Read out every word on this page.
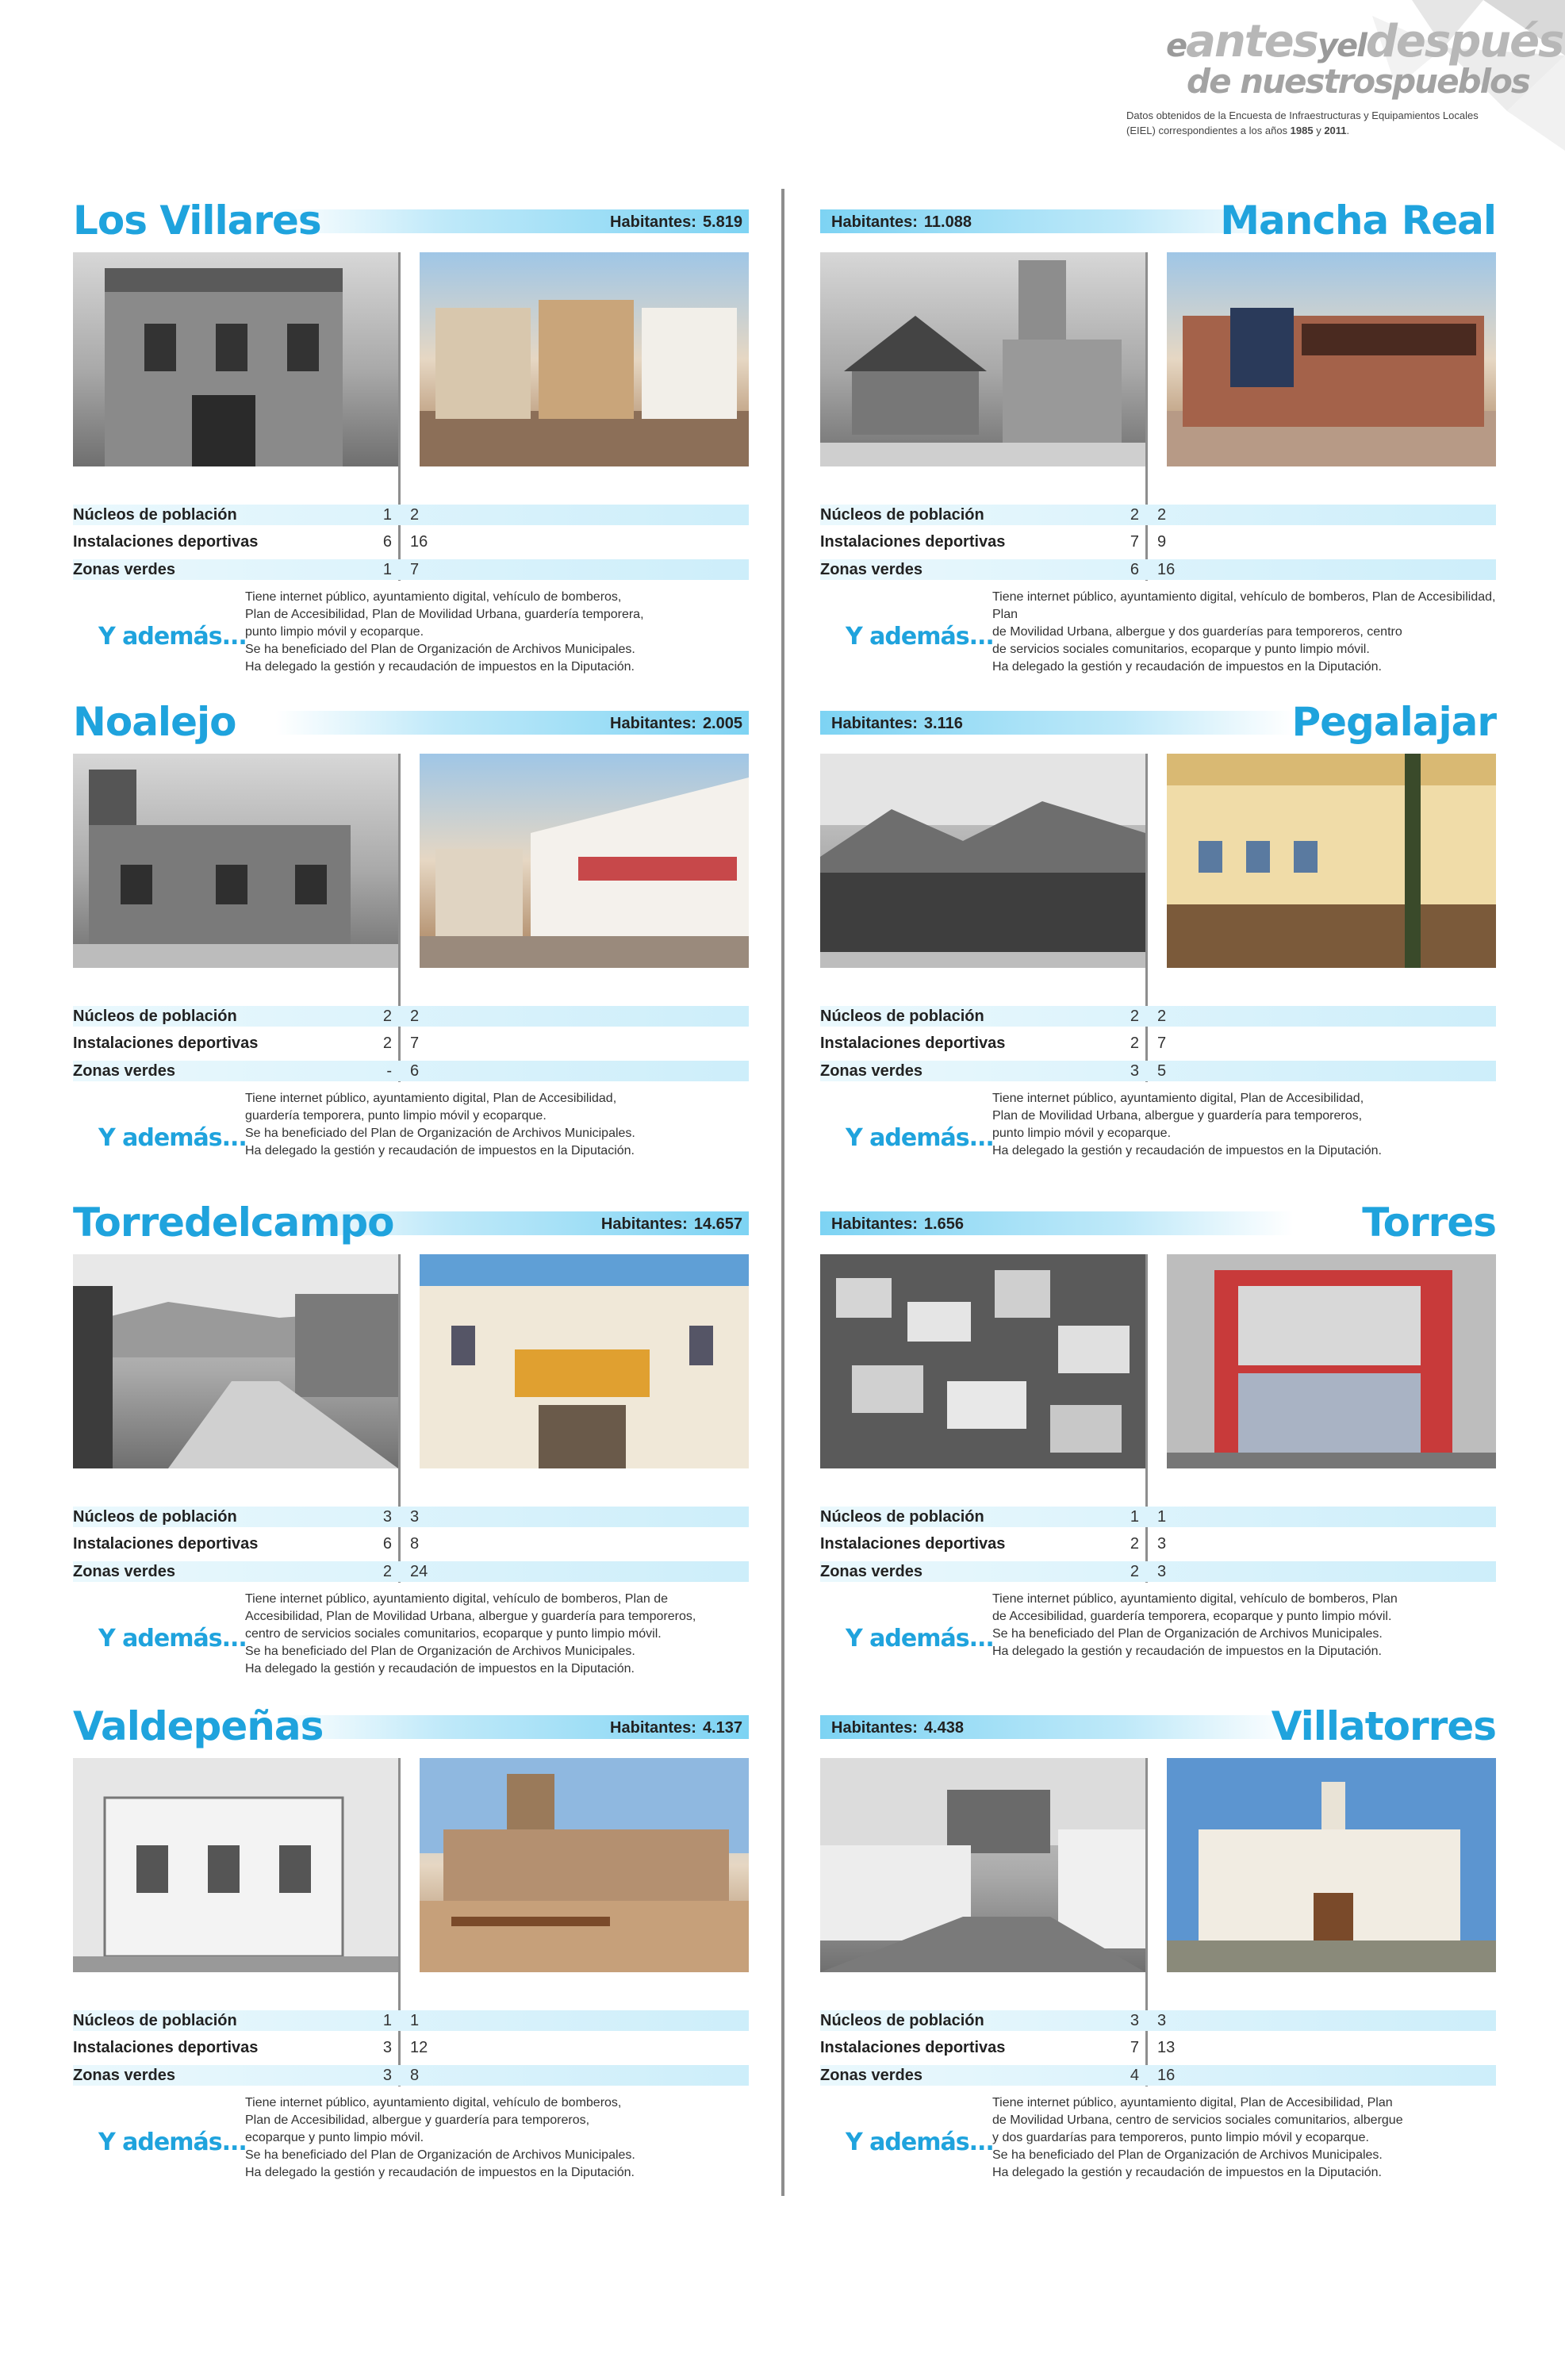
eantesyeldespués
de nuestrospueblos
Datos obtenidos de la Encuesta de Infraestructuras y Equipamientos Locales (EIEL) correspondientes a los años 1985 y 2011.
Los Villares	Habitantes: 5.819
Núcleos de población	1 2
Instalaciones deportivas	6 16
Zonas verdes	1 7
Y además...
Tiene internet público, ayuntamiento digital, vehículo de bomberos,
Plan de Accesibilidad, Plan de Movilidad Urbana, guardería temporera,
punto limpio móvil y ecoparque.
Se ha beneficiado del Plan de Organización de Archivos Municipales.
Ha delegado la gestión y recaudación de impuestos en la Diputación.
Mancha Real
Habitantes: 11.088
Núcleos de población	2 2
Instalaciones deportivas	7 9
Zonas verdes	6 16
Y además...
Tiene internet público, ayuntamiento digital, vehículo de bomberos, Plan de Accesibilidad, Plan
de Movilidad Urbana, albergue y dos guarderías para temporeros, centro
de servicios sociales comunitarios, ecoparque y punto limpio móvil.
Ha delegado la gestión y recaudación de impuestos en la Diputación.
Noalejo	Habitantes: 2.005
Núcleos de población	2 2
Instalaciones deportivas	2 7
Zonas verdes	- 6
Y además...
Tiene internet público, ayuntamiento digital, Plan de Accesibilidad,
guardería temporera, punto limpio móvil y ecoparque.
Se ha beneficiado del Plan de Organización de Archivos Municipales.
Ha delegado la gestión y recaudación de impuestos en la Diputación.
Pegalajar
Habitantes: 3.116
Núcleos de población	2 2
Instalaciones deportivas	2 7
Zonas verdes	3 5
Y además...
Tiene internet público, ayuntamiento digital, Plan de Accesibilidad,
Plan de Movilidad Urbana, albergue y guardería para temporeros,
punto limpio móvil y ecoparque.
Ha delegado la gestión y recaudación de impuestos en la Diputación.
Torredelcampo	Habitantes: 14.657
Núcleos de población	3 3
Instalaciones deportivas	6 8
Zonas verdes	2 24
Y además...
Tiene internet público, ayuntamiento digital, vehículo de bomberos, Plan de
Accesibilidad, Plan de Movilidad Urbana, albergue y guardería para temporeros,
centro de servicios sociales comunitarios, ecoparque y punto limpio móvil.
Se ha beneficiado del Plan de Organización de Archivos Municipales.
Ha delegado la gestión y recaudación de impuestos en la Diputación.
Torres
Habitantes: 1.656
Núcleos de población	1 1
Instalaciones deportivas	2 3
Zonas verdes	2 3
Y además...
Tiene internet público, ayuntamiento digital, vehículo de bomberos, Plan
de Accesibilidad, guardería temporera, ecoparque y punto limpio móvil.
Se ha beneficiado del Plan de Organización de Archivos Municipales.
Ha delegado la gestión y recaudación de impuestos en la Diputación.
Valdepeñas	Habitantes: 4.137
Núcleos de población	1 1
Instalaciones deportivas	3 12
Zonas verdes	3 8
Y además...
Tiene internet público, ayuntamiento digital, vehículo de bomberos,
Plan de Accesibilidad, albergue y guardería para temporeros,
ecoparque y punto limpio móvil.
Se ha beneficiado del Plan de Organización de Archivos Municipales.
Ha delegado la gestión y recaudación de impuestos en la Diputación.
Villatorres
Habitantes: 4.438
Núcleos de población	3 3
Instalaciones deportivas	7 13
Zonas verdes	4 16
Y además...
Tiene internet público, ayuntamiento digital, Plan de Accesibilidad, Plan
de Movilidad Urbana, centro de servicios sociales comunitarios, albergue
y dos guardarías para temporeros, punto limpio móvil y ecoparque.
Se ha beneficiado del Plan de Organización de Archivos Municipales.
Ha delegado la gestión y recaudación de impuestos en la Diputación.
